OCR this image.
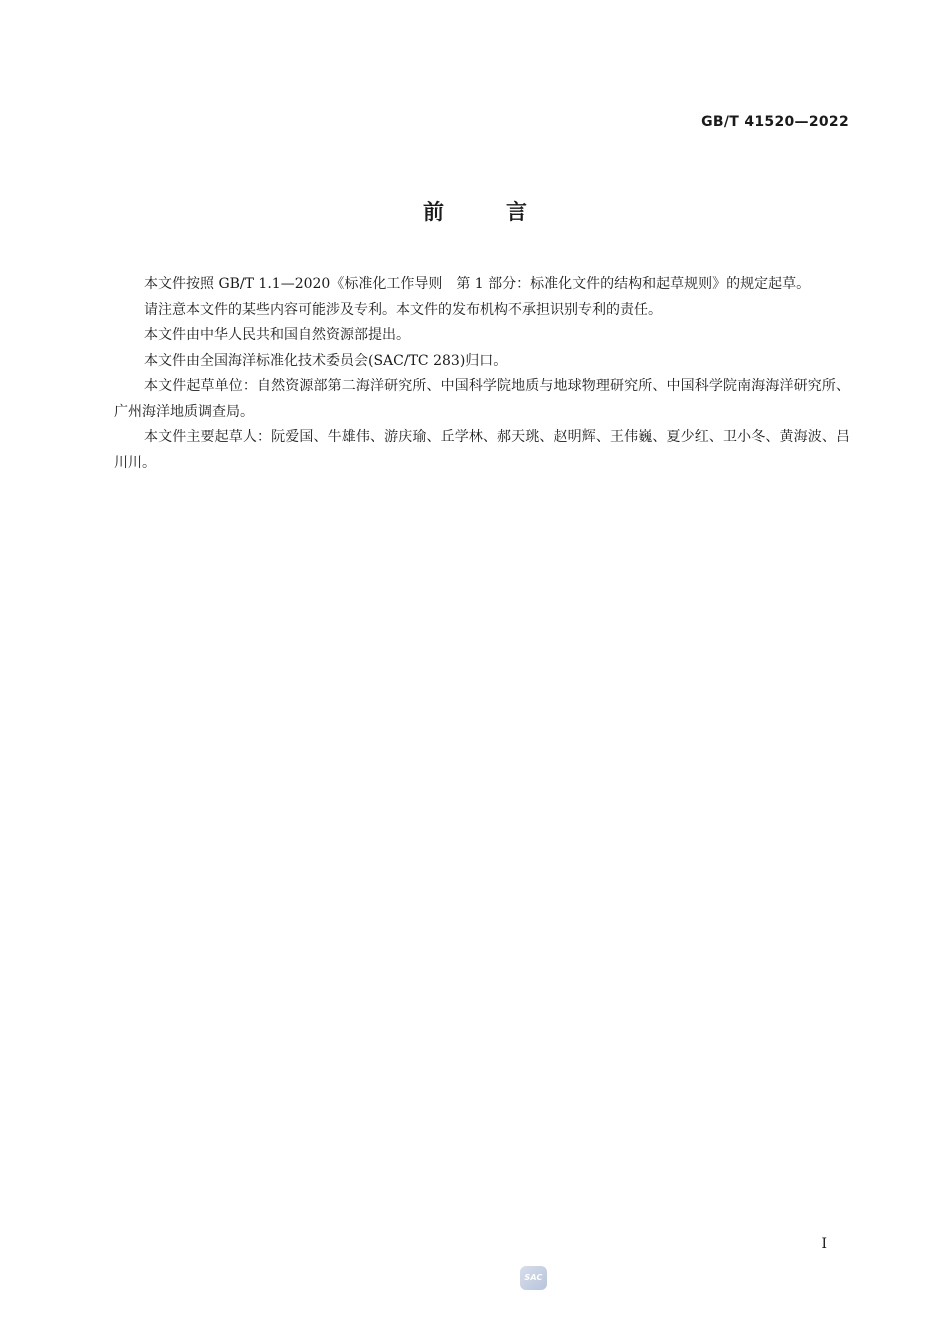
GB/T 41520—2022
前言

本文件按照 GB/T 1.1—2020《标准化工作导则　第 1 部分：标准化文件的结构和起草规则》的规定起草。

请注意本文件的某些内容可能涉及专利。本文件的发布机构不承担识别专利的责任。

本文件由中华人民共和国自然资源部提出。

本文件由全国海洋标准化技术委员会(SAC/TC 283)归口。

本文件起草单位：自然资源部第二海洋研究所、中国科学院地质与地球物理研究所、中国科学院南海海洋研究所、广州海洋地质调查局。

本文件主要起草人：阮爱国、牛雄伟、游庆瑜、丘学林、郝天珧、赵明辉、王伟巍、夏少红、卫小冬、黄海波、吕川川。

I
SAC
